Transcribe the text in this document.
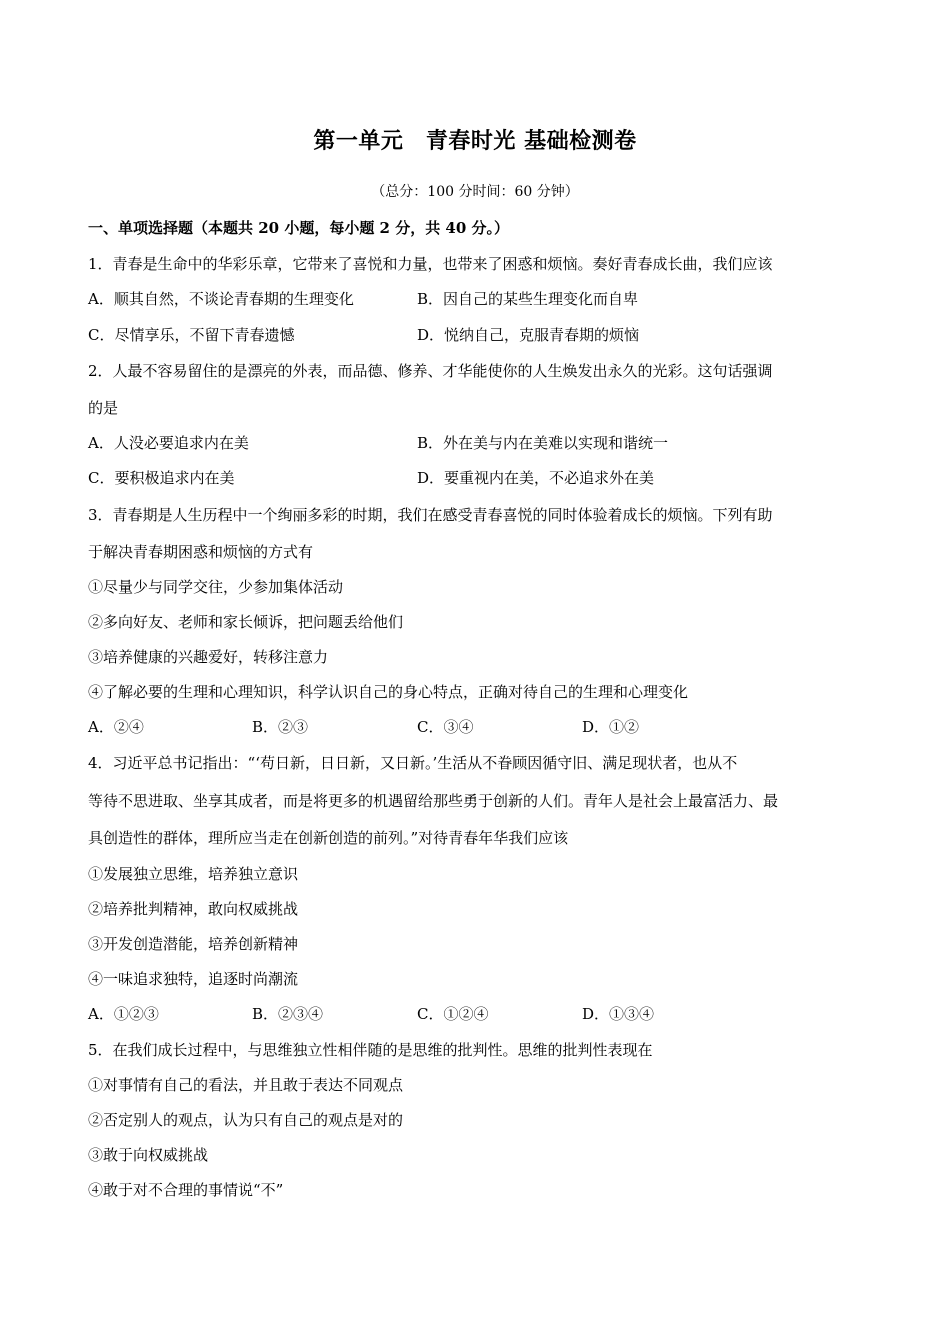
第一单元　青春时光 基础检测卷
（总分：100 分时间：60 分钟）
一、单项选择题（本题共 20 小题，每小题 2 分，共 40 分。）
1．青春是生命中的华彩乐章，它带来了喜悦和力量，也带来了困惑和烦恼。奏好青春成长曲，我们应该
A．顺其自然，不谈论青春期的生理变化	B．因自己的某些生理变化而自卑
C．尽情享乐，不留下青春遗憾	D．悦纳自己，克服青春期的烦恼
2．人最不容易留住的是漂亮的外表，而品德、修养、才华能使你的人生焕发出永久的光彩。这句话强调
的是
A．人没必要追求内在美	B．外在美与内在美难以实现和谐统一
C．要积极追求内在美	D．要重视内在美，不必追求外在美
3．青春期是人生历程中一个绚丽多彩的时期，我们在感受青春喜悦的同时体验着成长的烦恼。下列有助
于解决青春期困惑和烦恼的方式有
①尽量少与同学交往，少参加集体活动
②多向好友、老师和家长倾诉，把问题丢给他们
③培养健康的兴趣爱好，转移注意力
④了解必要的生理和心理知识，科学认识自己的身心特点，正确对待自己的生理和心理变化
A．②④	B．②③	C．③④	D．①②
4．习近平总书记指出：“‘苟日新，日日新，又日新。’生活从不眷顾因循守旧、满足现状者，也从不
等待不思进取、坐享其成者，而是将更多的机遇留给那些勇于创新的人们。青年人是社会上最富活力、最
具创造性的群体，理所应当走在创新创造的前列。”对待青春年华我们应该
①发展独立思维，培养独立意识
②培养批判精神，敢向权威挑战
③开发创造潜能，培养创新精神
④一味追求独特，追逐时尚潮流
A．①②③	B．②③④	C．①②④	D．①③④
5．在我们成长过程中，与思维独立性相伴随的是思维的批判性。思维的批判性表现在
①对事情有自己的看法，并且敢于表达不同观点
②否定别人的观点，认为只有自己的观点是对的
③敢于向权威挑战
④敢于对不合理的事情说“不”
